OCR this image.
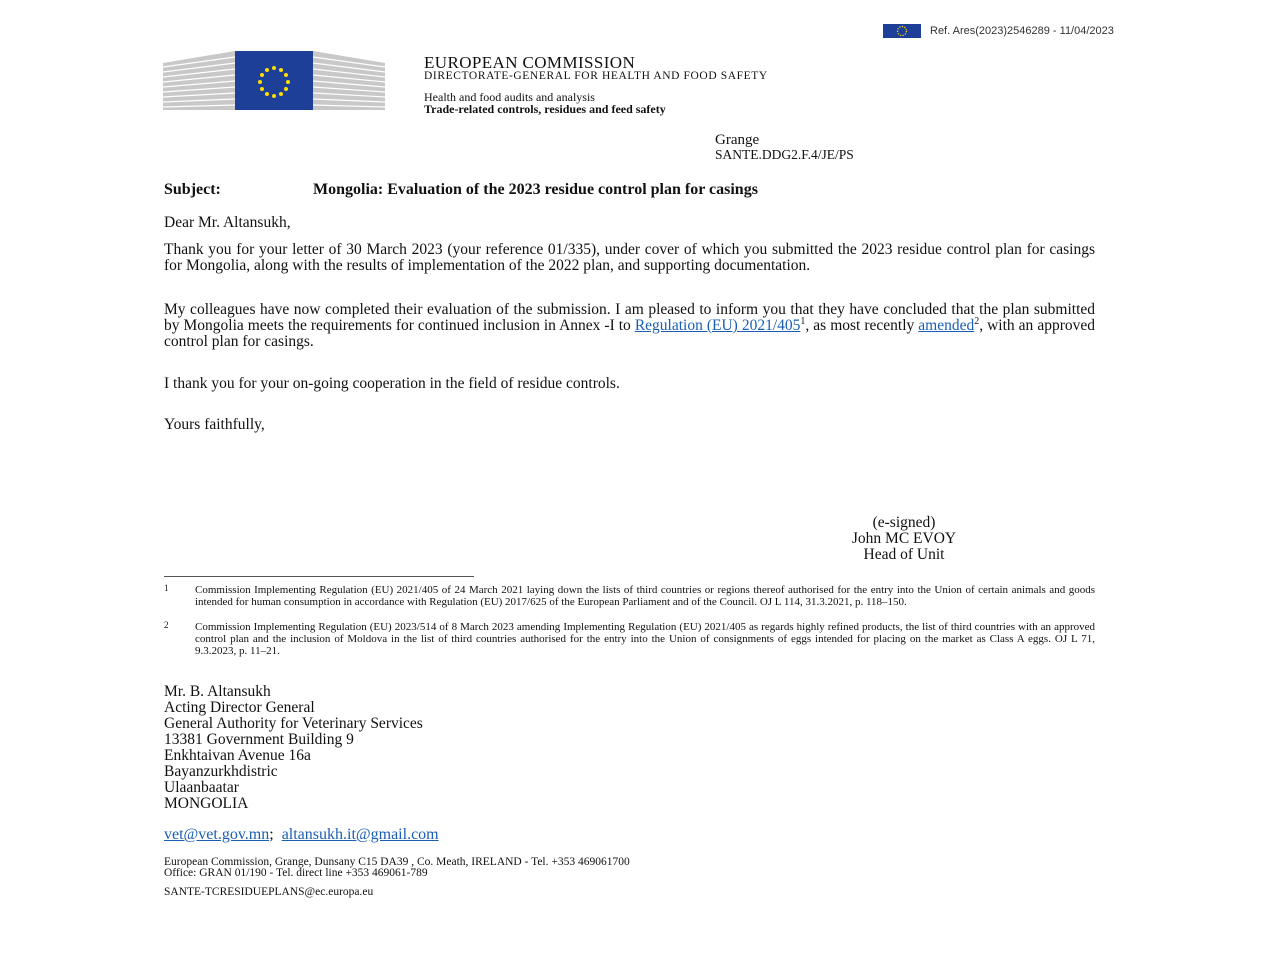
Ref. Ares(2023)2546289 - 11/04/2023
EUROPEAN COMMISSION
DIRECTORATE-GENERAL FOR HEALTH AND FOOD SAFETY
Health and food audits and analysis
Trade-related controls, residues and feed safety
Grange
SANTE.DDG2.F.4/JE/PS
Subject:	Mongolia: Evaluation of the 2023 residue control plan for casings
Dear Mr. Altansukh,
Thank you for your letter of 30 March 2023 (your reference 01/335), under cover of which you submitted the 2023 residue control plan for casings for Mongolia, along with the results of implementation of the 2022 plan, and supporting documentation.
My colleagues have now completed their evaluation of the submission. I am pleased to inform you that they have concluded that the plan submitted by Mongolia meets the requirements for continued inclusion in Annex -I to Regulation (EU) $2021/405^1$, as most recently amended$^2$, with an approved control plan for casings.
I thank you for your on-going cooperation in the field of residue controls.
Yours faithfully,
(e-signed)
John MC EVOY
Head of Unit
1 Commission Implementing Regulation (EU) 2021/405 of 24 March 2021 laying down the lists of third countries or regions thereof authorised for the entry into the Union of certain animals and goods intended for human consumption in accordance with Regulation (EU) 2017/625 of the European Parliament and of the Council. OJ L 114, 31.3.2021, p. 118–150.
2 Commission Implementing Regulation (EU) 2023/514 of 8 March 2023 amending Implementing Regulation (EU) 2021/405 as regards highly refined products, the list of third countries with an approved control plan and the inclusion of Moldova in the list of third countries authorised for the entry into the Union of consignments of eggs intended for placing on the market as Class A eggs. OJ L 71, 9.3.2023, p. 11–21.
Mr. B. Altansukh
Acting Director General
General Authority for Veterinary Services
13381 Government Building 9
Enkhtaivan Avenue 16a
Bayanzurkhdistric
Ulaanbaatar
MONGOLIA
vet@vet.gov.mn; altansukh.it@gmail.com
European Commission, Grange, Dunsany C15 DA39 , Co. Meath, IRELAND - Tel. +353 469061700
Office: GRAN 01/190 - Tel. direct line +353 469061-789
SANTE-TCRESIDUEPLANS@ec.europa.eu
